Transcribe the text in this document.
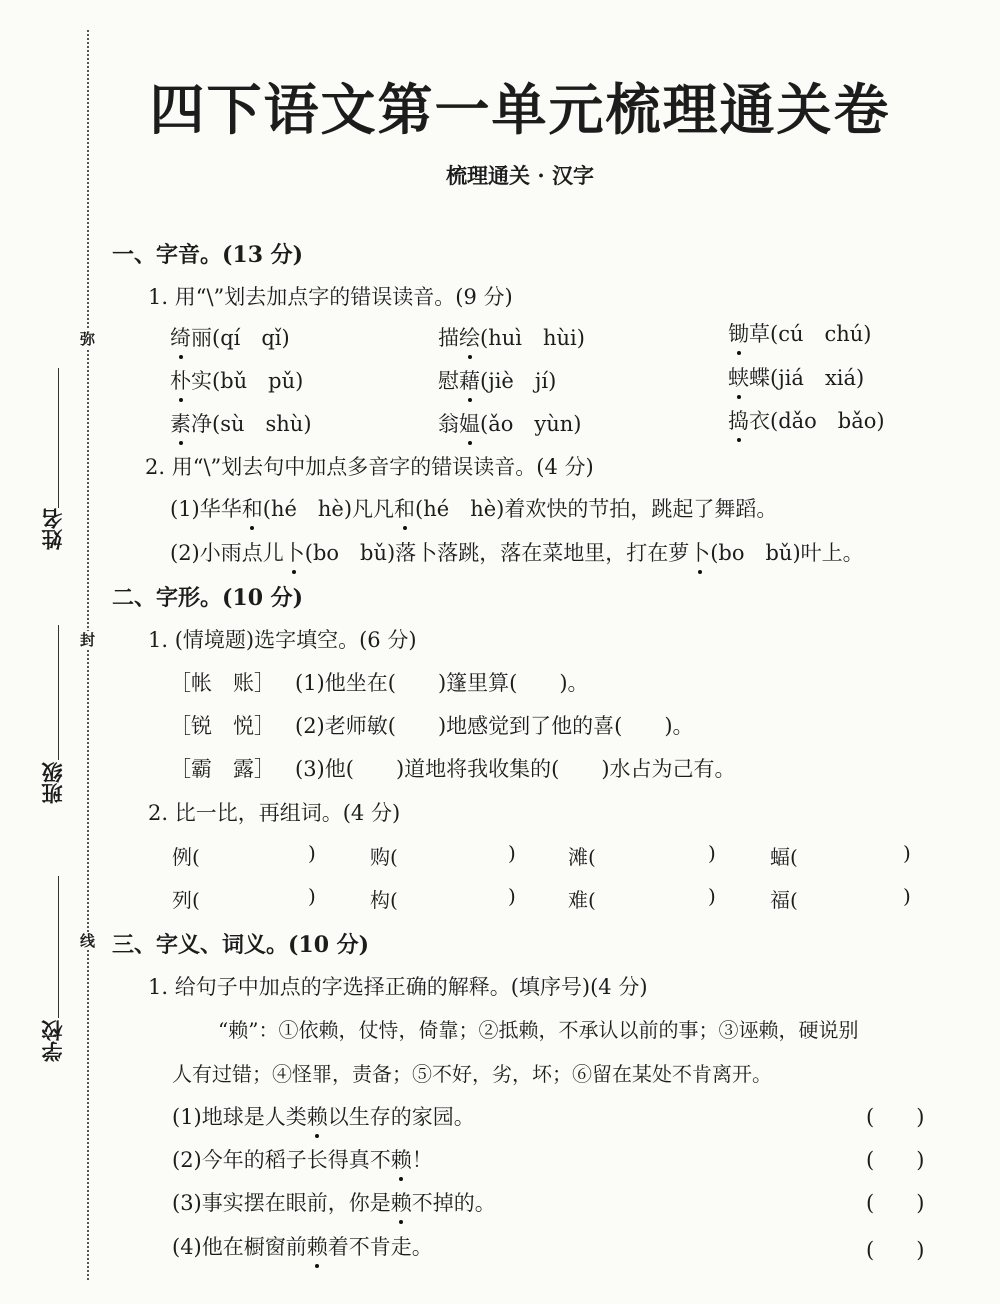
弥
封
线
姓名
班级
学校
四下语文第一单元梳理通关卷
梳理通关 · 汉字
一、字音。(13 分)
1. 用“\”划去加点字的错误读音。(9 分)
绮丽(qí　qǐ)	描绘(huì　hùi)	锄草(cú　chú)
朴实(bǔ　pǔ)	慰藉(jiè　jí)	蛱蝶(jiá　xiá)
素净(sù　shù)	翁媪(ǎo　yùn)	捣衣(dǎo　bǎo)
2. 用“\”划去句中加点多音字的错误读音。(4 分)
(1)华华和(hé　hè)凡凡和(hé　hè)着欢快的节拍，跳起了舞蹈。
(2)小雨点儿卜(bo　bǔ)落卜落跳，落在菜地里，打在萝卜(bo　bǔ)叶上。
二、字形。(10 分)
1. (情境题)选字填空。(6 分)
［帐　账］ (1)他坐在(　　)篷里算(　　)。
［锐　悦］ (2)老师敏(　　)地感觉到了他的喜(　　)。
［霸　露］ (3)他(　　)道地将我收集的(　　)水占为己有。
2. 比一比，再组词。(4 分)
例(	)	购(	)	滩(	)	蝠(	)
列(	)	构(	)	难(	)	福(	)
三、字义、词义。(10 分)
1. 给句子中加点的字选择正确的解释。(填序号)(4 分)
“赖”：①依赖，仗恃，倚靠；②抵赖，不承认以前的事；③诬赖，硬说别
人有过错；④怪罪，责备；⑤不好，劣，坏；⑥留在某处不肯离开。
(1)地球是人类赖以生存的家园。	(　　)
(2)今年的稻子长得真不赖！	(　　)
(3)事实摆在眼前，你是赖不掉的。	(　　)
(4)他在橱窗前赖着不肯走。	(　　)
